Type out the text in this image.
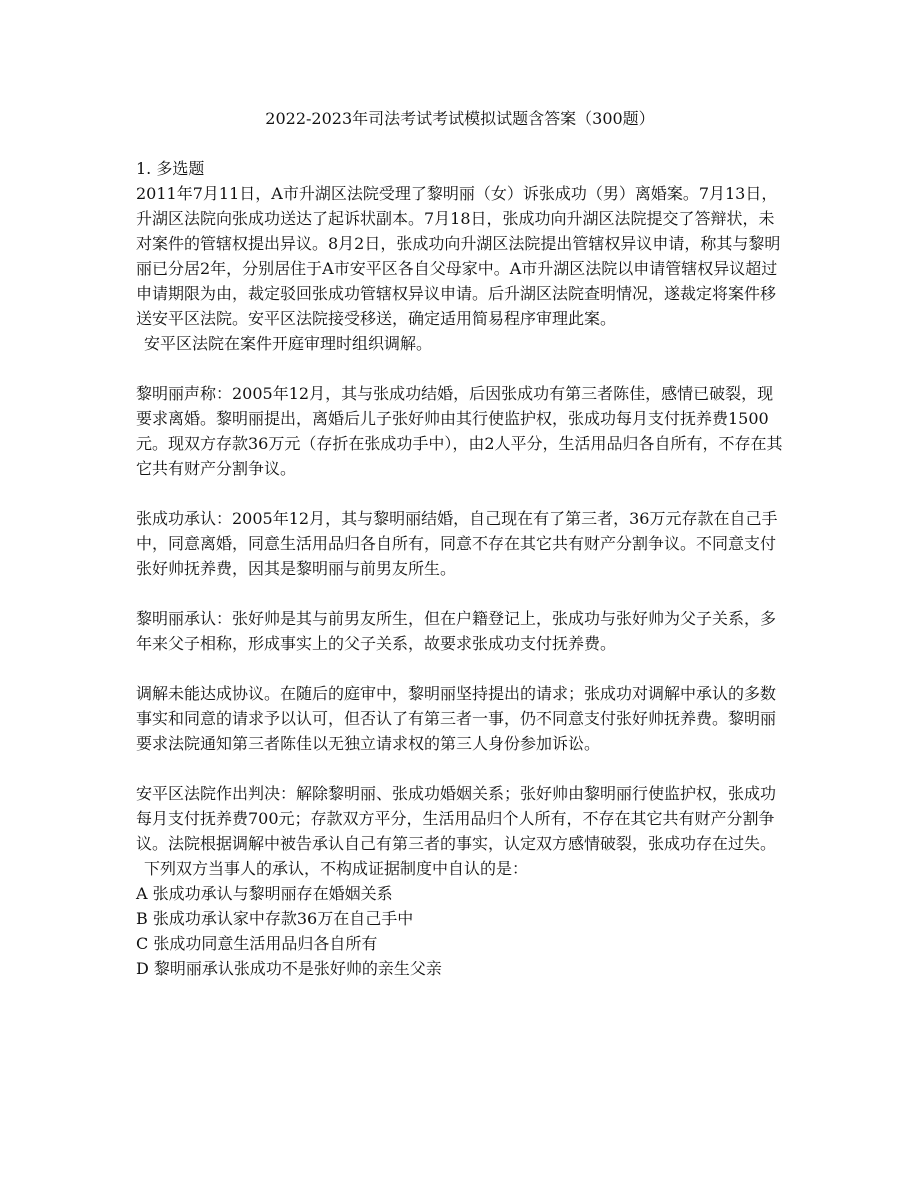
2022-2023年司法考试考试模拟试题含答案（300题）

1. 多选题

2011年7月11日，A市升湖区法院受理了黎明丽（女）诉张成功（男）离婚案。7月13日，升湖区法院向张成功送达了起诉状副本。7月18日，张成功向升湖区法院提交了答辩状，未对案件的管辖权提出异议。8月2日，张成功向升湖区法院提出管辖权异议申请，称其与黎明丽已分居2年，分别居住于A市安平区各自父母家中。A市升湖区法院以申请管辖权异议超过申请期限为由，裁定驳回张成功管辖权异议申请。后升湖区法院查明情况，遂裁定将案件移送安平区法院。安平区法院接受移送，确定适用简易程序审理此案。

安平区法院在案件开庭审理时组织调解。

黎明丽声称：2005年12月，其与张成功结婚，后因张成功有第三者陈佳，感情已破裂，现要求离婚。黎明丽提出，离婚后儿子张好帅由其行使监护权，张成功每月支付抚养费1500元。现双方存款36万元（存折在张成功手中），由2人平分，生活用品归各自所有，不存在其它共有财产分割争议。

张成功承认：2005年12月，其与黎明丽结婚，自己现在有了第三者，36万元存款在自己手中，同意离婚，同意生活用品归各自所有，同意不存在其它共有财产分割争议。不同意支付张好帅抚养费，因其是黎明丽与前男友所生。

黎明丽承认：张好帅是其与前男友所生，但在户籍登记上，张成功与张好帅为父子关系，多年来父子相称，形成事实上的父子关系，故要求张成功支付抚养费。

调解未能达成协议。在随后的庭审中，黎明丽坚持提出的请求；张成功对调解中承认的多数事实和同意的请求予以认可，但否认了有第三者一事，仍不同意支付张好帅抚养费。黎明丽要求法院通知第三者陈佳以无独立请求权的第三人身份参加诉讼。

安平区法院作出判决：解除黎明丽、张成功婚姻关系；张好帅由黎明丽行使监护权，张成功每月支付抚养费700元；存款双方平分，生活用品归个人所有，不存在其它共有财产分割争议。法院根据调解中被告承认自己有第三者的事实，认定双方感情破裂，张成功存在过失。

下列双方当事人的承认，不构成证据制度中自认的是：

A 张成功承认与黎明丽存在婚姻关系

B 张成功承认家中存款36万在自己手中

C 张成功同意生活用品归各自所有

D 黎明丽承认张成功不是张好帅的亲生父亲
